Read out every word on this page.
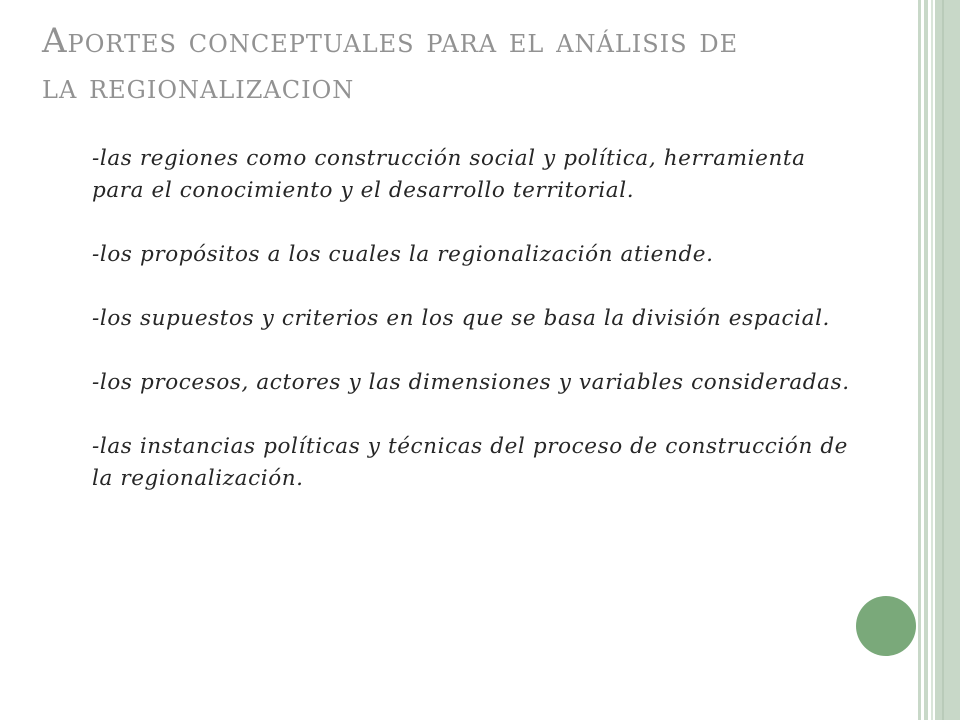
Aportes conceptuales para el análisis de
la regionalizacion

-las regiones como construcción social y política, herramienta para el conocimiento y el desarrollo territorial.

-los propósitos a los cuales la regionalización atiende.

-los supuestos y criterios en los que se basa la división espacial.

-los procesos, actores y las dimensiones y variables consideradas.

-las instancias políticas y técnicas del proceso de construcción de la regionalización.
